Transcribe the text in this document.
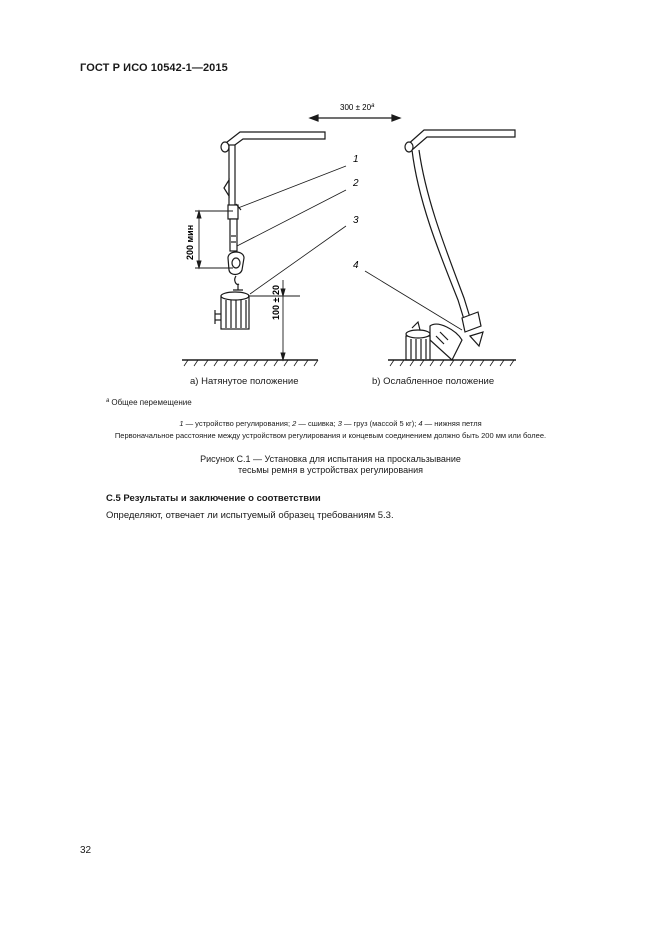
ГОСТ Р ИСО 10542-1—2015
$300 \pm 20^a$
200 мин
100 ± 20
1
2
3
4
a) Натянутое положение	b) Ослабленное положение
$^a$ Общее перемещение
1 — устройство регулирования; 2 — сшивка; 3 — груз (массой 5 кг); 4 — нижняя петля
Первоначальное расстояние между устройством регулирования и концевым соединением должно быть 200 мм или более.
Рисунок С.1 — Установка для испытания на проскальзывание
тесьмы ремня в устройствах регулирования
С.5 Результаты и заключение о соответствии
Определяют, отвечает ли испытуемый образец требованиям 5.3.
32
